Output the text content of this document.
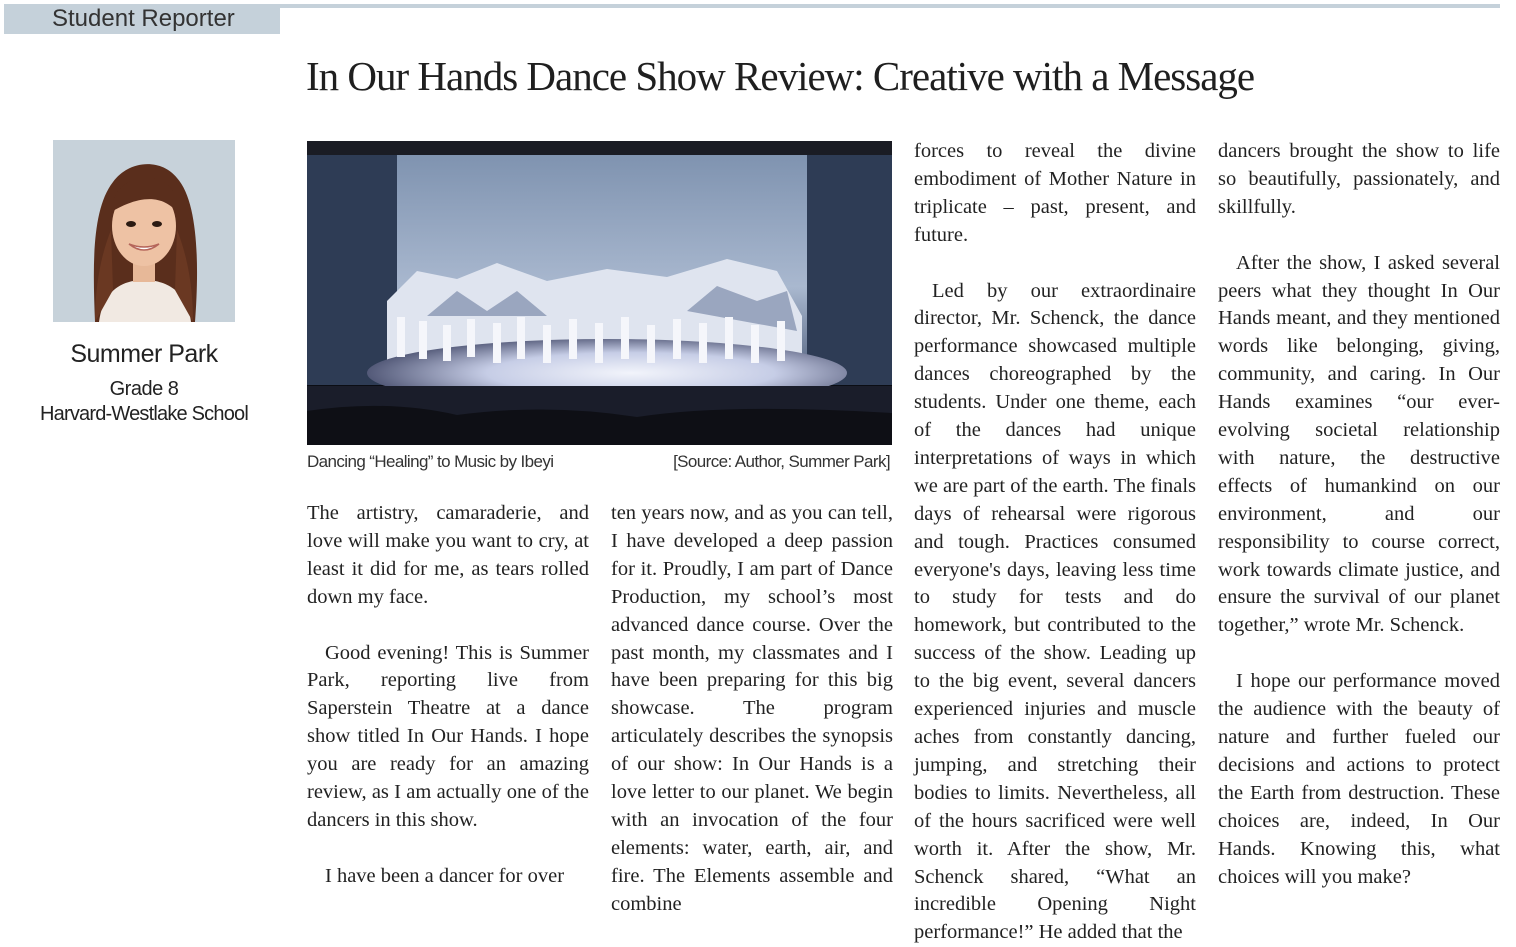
Student Reporter
In Our Hands Dance Show Review: Creative with a Message
Summer Park
Grade 8
Harvard-Westlake School
Dancing “Healing” to Music by Ibeyi	[Source: Author, Summer Park]

The artistry, camaraderie, and love will make you want to cry, at least it did for me, as tears rolled down my face.

Good evening! This is Summer Park, reporting live from Saperstein Theatre at a dance show titled In Our Hands. I hope you are ready for an amazing review, as I am actually one of the dancers in this show.

I have been a dancer for over

ten years now, and as you can tell, I have developed a deep passion for it. Proudly, I am part of Dance Production, my school’s most advanced dance course. Over the past month, my classmates and I have been preparing for this big showcase. The program articulately describes the synopsis of our show: In Our Hands is a love letter to our planet. We begin with an invocation of the four elements: water, earth, air, and fire. The Elements assemble and combine

forces to reveal the divine embodiment of Mother Nature in triplicate – past, present, and future.

Led by our extraordinaire director, Mr. Schenck, the dance performance showcased multiple dances choreographed by the students. Under one theme, each of the dances had unique interpretations of ways in which we are part of the earth. The finals days of rehearsal were rigorous and tough. Practices consumed everyone's days, leaving less time to study for tests and do homework, but contributed to the success of the show. Leading up to the big event, several dancers experienced injuries and muscle aches from constantly dancing, jumping, and stretching their bodies to limits. Nevertheless, all of the hours sacrificed were well worth it. After the show, Mr. Schenck shared, “What an incredible Opening Night performance!” He added that the

dancers brought the show to life so beautifully, passionately, and skillfully.

After the show, I asked several peers what they thought In Our Hands meant, and they mentioned words like belonging, giving, community, and caring. In Our Hands examines “our ever-evolving societal relationship with nature, the destructive effects of humankind on our environment, and our responsibility to course correct, work towards climate justice, and ensure the survival of our planet together,” wrote Mr. Schenck.

I hope our performance moved the audience with the beauty of nature and further fueled our decisions and actions to protect the Earth from destruction. These choices are, indeed, In Our Hands. Knowing this, what choices will you make?
